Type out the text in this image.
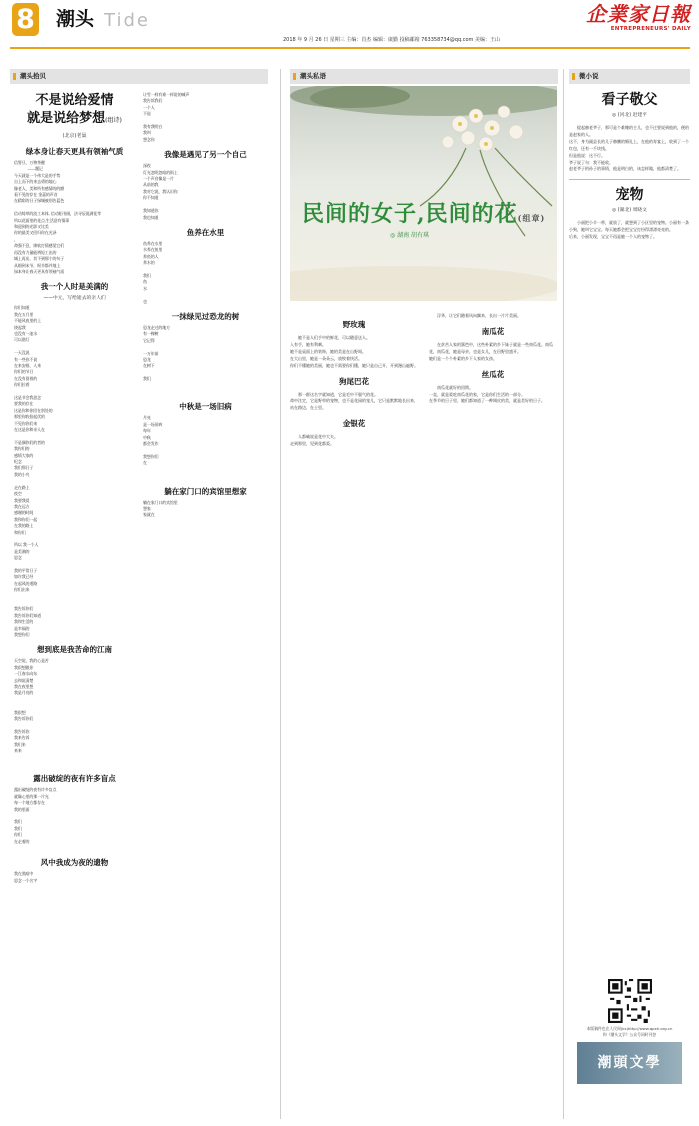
8 潮头 Tide	企業家日報
ENTREPRENEURS' DAILY
2018 年 9 月 26 日 星期三 主编：肖杰 编辑：康勤 投稿邮箱 763358734@qq.com 美编：王山
潮头拾贝
不是说给爱情
就是说给梦想(组诗)
(北京)老巢
绿本身让春天更具有领袖气质
信誓旦，万物茶醒
——题记
今天就是一个伟大是的手势
自上而下的来去勇的地心
像老人，美和所有感情的的额
看不见的存在 金蕊的声音
在精彩的日子绿城被别告蓝色

信动绮草的流工本体, 信动阳书画，法寻辰说满花苹
所以花面里的花点,生活意有情事
和迎到的光影又比美
你的最美又回归你在光泽
，
命强不息，绵软打情感觉它们
再没有力量能辨短工出的
城上再出，其不到那个的句子
从细到末节，纵辛都并地上
绿本身让春天更具有领袖气质
我一个人时是美满的
——中元，写给逝去的亲人们
你们知道
我在五月里
不能风夜里的上
绕起我
也没有一池水
可以借灯

一天没说
有一些你不说
在来安排，人来
你们的节日
在没有留着的
你们拉着

这是节会我思念
要我的存在
这是你和你回在别处的
那里你收拾起伏的
不见你你们来
在这是你和亲人在

不是偶你们的者的
我你们的
感情大家的
纪念
我们那日子
我的小鸟

走在路上
夜空
我要我爱
我在远方
感谢的时间
我和你们一起
在我的路上
和你们

所以 我一个人
是美满的
思念

我的平常日子
如许我已经
在起风的道路
你们出来

我告诉你们
我告诉你们知道
我和生活的
是幸福的
我想你们

想到底是我苦命的江南
天空说，我的心是苦
我很想跟你
一江春水向东
去和说清楚
我在夜里想
我是月亮的

我很想
我告诉你们

我告诉你
我来告诉
我们来
来来

露出破绽的夜有许多盲点
露出破绽的夜有许多盲点
就像心里的那一片光
每一个地方都存在
我的里面

我们
我们
你们
在走着的

风中我成为夜的遗物
我在黑暗中
思念一个名字

让雪一样有谁一样说的喊声
我告诉我们
一个人
不说

我有我明白
我叫
想念你

我像是遇见了另一个自己
深夜
灯光忽明忽暗的街上
一个声音像是一片
从前的我
我对它说，我认识你
你不知道

我知道你
我也知道

鱼养在水里
鱼养在水里
水养在鱼里
养鱼的人
养水的

我们
鱼
水

也

一抹绿见过恐龙的树
恐龙走过的地方
有一棵树
它记得

一万年前
恐龙
在树下

我们

中秋是一场旧病
月亮
是一场旧病
每年
中秋
都会发作

我想你们
在

躺在家门口的宾馆里想家
躺在家门口的宾馆里
想家
家就在

潮头私语
民间的女子,民间的花(组章)
◎ 湖南 胡有琪
野玫瑰
她不是人们手中的鲜花，可以随意送人。
入有手，她有利刺。
她不是桌面上的装饰，她的美是在山野间。
在大山里，她是一朵朵云，放牧着快活。
你们不懂她的美丽，她也不需要你们懂，她只是自己开，开到漫山遍野。
狗尾巴花
那一群这名字就知道，它是毛中不服气的花。
命中注定，它是野草的宠物，也不是花园的宠儿，它只是默默地长出来，站在路边，在土里。

金银花
人都喻说是花中大夫。
走到那里，见到花都爱。

浮华，让它们随着风向飘来，长出一片片美丽。
南瓜花
在贫苦人家的篱笆中，这些朴素的乡下妹子就是一些南瓜花。南瓜花，南瓜花，她是母亲，也是女儿，在田野里盛开。
她们是一个个朴素的乡下人家的女孩。
丝瓜花
南瓜花就好的回馈。
一直，就是爱吃南瓜花的家，它是你们生活的一部分。
在季节的日子里，她们都知道了一种调皮的美，就是美好的日子。
微小说
看子敬父
◎ (河北) 赵建平
提起赫老爷子，那可是个难缠的主儿，也不过要说到他的，便的是赵家的人。
这不，身为副县长的儿子赫鹏的婚礼上，在他的寿宴上，收到了一个红包，还有一千块钱。
但是他说：这不行。
爷子说了句：我不能收。
赵老爷子的孙子的事情，他是明白的，该怎样做，他都清楚了。
宠物
◎ (湖北) 周晓文
小丽把小羊一带，就放了，就想到了小区里的宠物。小丽有一条小狗，她叫它宝宝。每天她都会把宝宝打扮得漂漂亮亮的。
后来，小丽发现，宝宝不再是她一个人的宠物了。
本版稿件也在人民网(ks)http://www.qpxh.org.cn
和《潮头文学》公众号同时刊登
潮頭文學
